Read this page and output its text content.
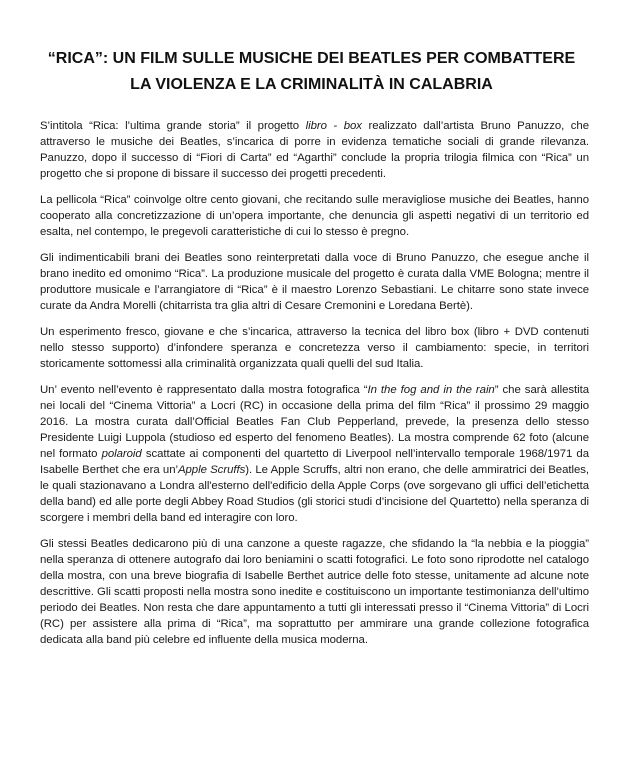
“RICA”: UN FILM SULLE MUSICHE DEI BEATLES PER COMBATTERE
LA VIOLENZA E LA CRIMINALITÀ IN CALABRIA

S’intitola “Rica: l’ultima grande storia” il progetto libro - box realizzato dall’artista Bruno Panuzzo, che attraverso le musiche dei Beatles, s’incarica di porre in evidenza tematiche sociali di grande rilevanza. Panuzzo, dopo il successo di “Fiori di Carta” ed “Agarthi” conclude la propria trilogia filmica con “Rica” un progetto che si propone di bissare il successo dei progetti precedenti.

La pellicola “Rica” coinvolge oltre cento giovani, che recitando sulle meravigliose musiche dei Beatles, hanno cooperato alla concretizzazione di un’opera importante, che denuncia gli aspetti negativi di un territorio ed esalta, nel contempo, le pregevoli caratteristiche di cui lo stesso è pregno.

Gli indimenticabili brani dei Beatles sono reinterpretati dalla voce di Bruno Panuzzo, che esegue anche il brano inedito ed omonimo “Rica”. La produzione musicale del progetto è curata dalla VME Bologna; mentre il produttore musicale e l’arrangiatore di “Rica” è il maestro Lorenzo Sebastiani. Le chitarre sono state invece curate da Andra Morelli (chitarrista tra glia altri di Cesare Cremonini e Loredana Bertè).

Un esperimento fresco, giovane e che s’incarica, attraverso la tecnica del libro box (libro + DVD contenuti nello stesso supporto) d’infondere speranza e concretezza verso il cambiamento: specie, in territori storicamente sottomessi alla criminalità organizzata quali quelli del sud Italia.

Un’ evento nell’evento è rappresentato dalla mostra fotografica “In the fog and in the rain” che sarà allestita nei locali del “Cinema Vittoria” a Locri (RC) in occasione della prima del film “Rica” il prossimo 29 maggio 2016. La mostra curata dall’Official Beatles Fan Club Pepperland, prevede, la presenza dello stesso Presidente Luigi Luppola (studioso ed esperto del fenomeno Beatles). La mostra comprende 62 foto (alcune nel formato polaroid scattate ai componenti del quartetto di Liverpool nell’intervallo temporale 1968/1971 da Isabelle Berthet che era un’Apple Scruffs). Le Apple Scruffs, altri non erano, che delle ammiratrici dei Beatles, le quali stazionavano a Londra all'esterno dell'edificio della Apple Corps (ove sorgevano gli uffici dell’etichetta della band) ed alle porte degli Abbey Road Studios (gli storici studi d’incisione del Quartetto) nella speranza di scorgere i membri della band ed interagire con loro.

Gli stessi Beatles dedicarono più di una canzone a queste ragazze, che sfidando la “la nebbia e la pioggia” nella speranza di ottenere autografo dai loro beniamini o scatti fotografici. Le foto sono riprodotte nel catalogo della mostra, con una breve biografia di Isabelle Berthet autrice delle foto stesse, unitamente ad alcune note descrittive. Gli scatti proposti nella mostra sono inedite e costituiscono un importante testimonianza dell’ultimo periodo dei Beatles. Non resta che dare appuntamento a tutti gli interessati presso il “Cinema Vittoria” di Locri (RC) per assistere alla prima di “Rica”, ma soprattutto per ammirare una grande collezione fotografica dedicata alla band più celebre ed influente della musica moderna.
